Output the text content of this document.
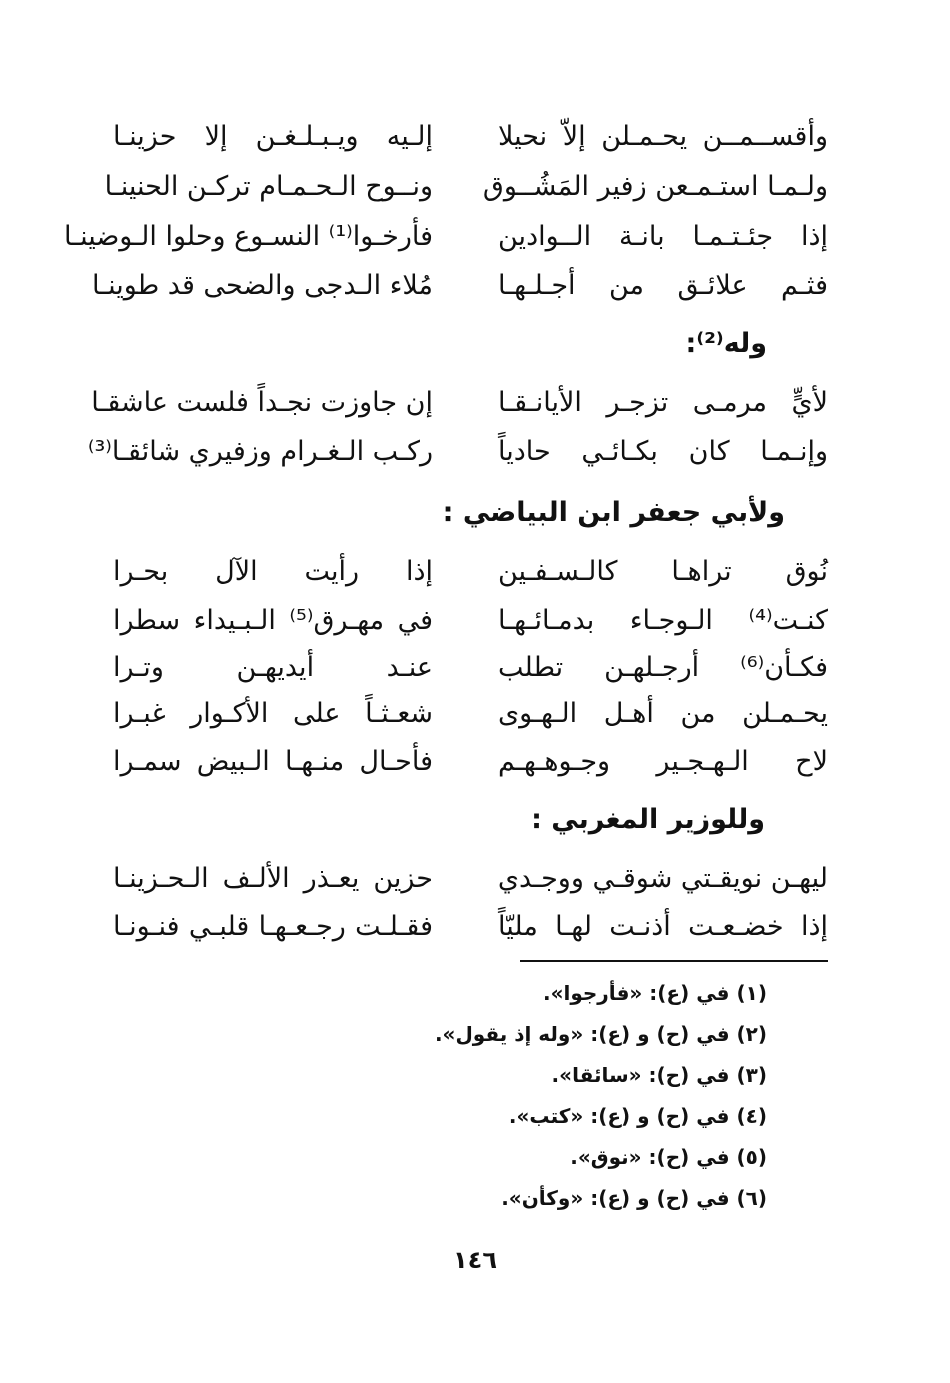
وأقســمــن يحـمـلن إلاّ نحيلا
إلـيه ويـبـلـغـن إلا حزينـا
ولـمـا استـمـعن زفير المَشُــوق
ونــوح الـحـمـام تركـن الحنينـا
إذا جئـتـمـا بانـة الــوادين
فأرخـوا⁽¹⁾ النسـوع وحلوا الـوضينـا
فثـم علائـق من أجـلـهـا
مُلاء الـدجى والضحى قد طوينـا
وله⁽²⁾:
لأيٍّ مرمـى تزجـر الأيانـقـا
إن جاوزت نجـداً فلست عاشقـا
وإنـمـا كان بكـائـي حادياً
ركـب الـغـرام وزفيري شائقـا⁽³⁾
ولأبي جعفر ابن البياضي :
نُوق تراهـا كالـسـفـين
إذا رأيت الآل بحـرا
كنـت⁽⁴⁾ الـوجـاء بدمـائـهـا
في مهـرق⁽⁵⁾ الـبـيداء سطرا
فكـأن⁽⁶⁾ أرجـلهـن تطلب
عنـد أيديهـن وتـرا
يحـمـلن من أهـل الـهـوى
شعـثـاً على الأكـوار غبـرا
لاح الـهـجـير وجـوهـهـم
فأحـال منـهـا الـبيض سمـرا
وللوزير المغربي :
ليهـن نويقـتي شوقـي ووجـدي
حزين يعـذر الألـف الـحـزينـا
إذا خضـعـت أذنـت لهـا مليّاً
فقـلـت رجـعـهـا قلبـي فنـونـا
(١) في (ع): «فأرجوا».
(٢) في (ح) و (ع): «وله إذ يقول».
(٣) في (ح): «سائقا».
(٤) في (ح) و (ع): «كتب».
(٥) في (ح): «نوق».
(٦) في (ح) و (ع): «وكأن».
١٤٦
